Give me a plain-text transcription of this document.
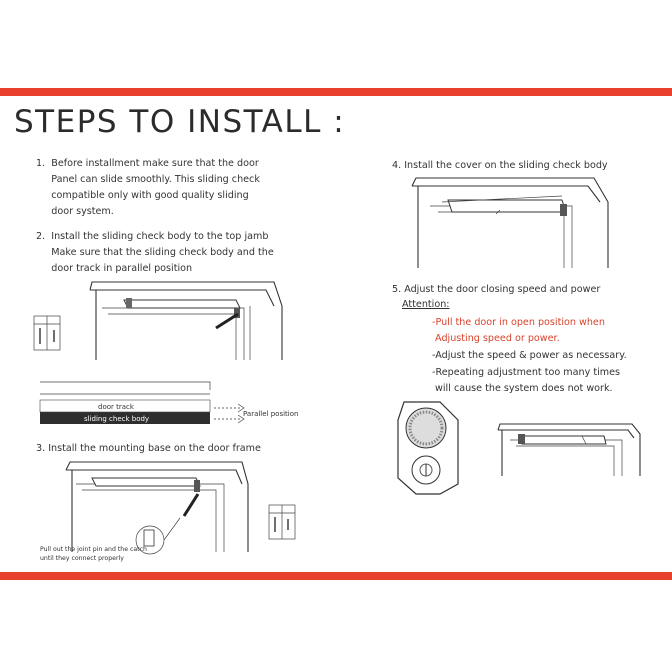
STEPS TO INSTALL :
1.  Before installment make sure that the door
Panel can slide smoothly. This sliding check
compatible only with good quality sliding
door system.
2.  Install the sliding check body to the top jamb
Make sure that the sliding check body and the
door track in parallel position
door track
sliding check body
Parallel position
3. Install the mounting base on the door frame
Pull out the joint pin and the catch
until they connect properly
4. Install the cover on the sliding check body
5. Adjust the door closing speed and power
Attention:
-Pull the door in open position when
Adjusting speed or power.
-Adjust the speed & power as necessary.
-Repeating adjustment too many times
will cause the system does not work.
